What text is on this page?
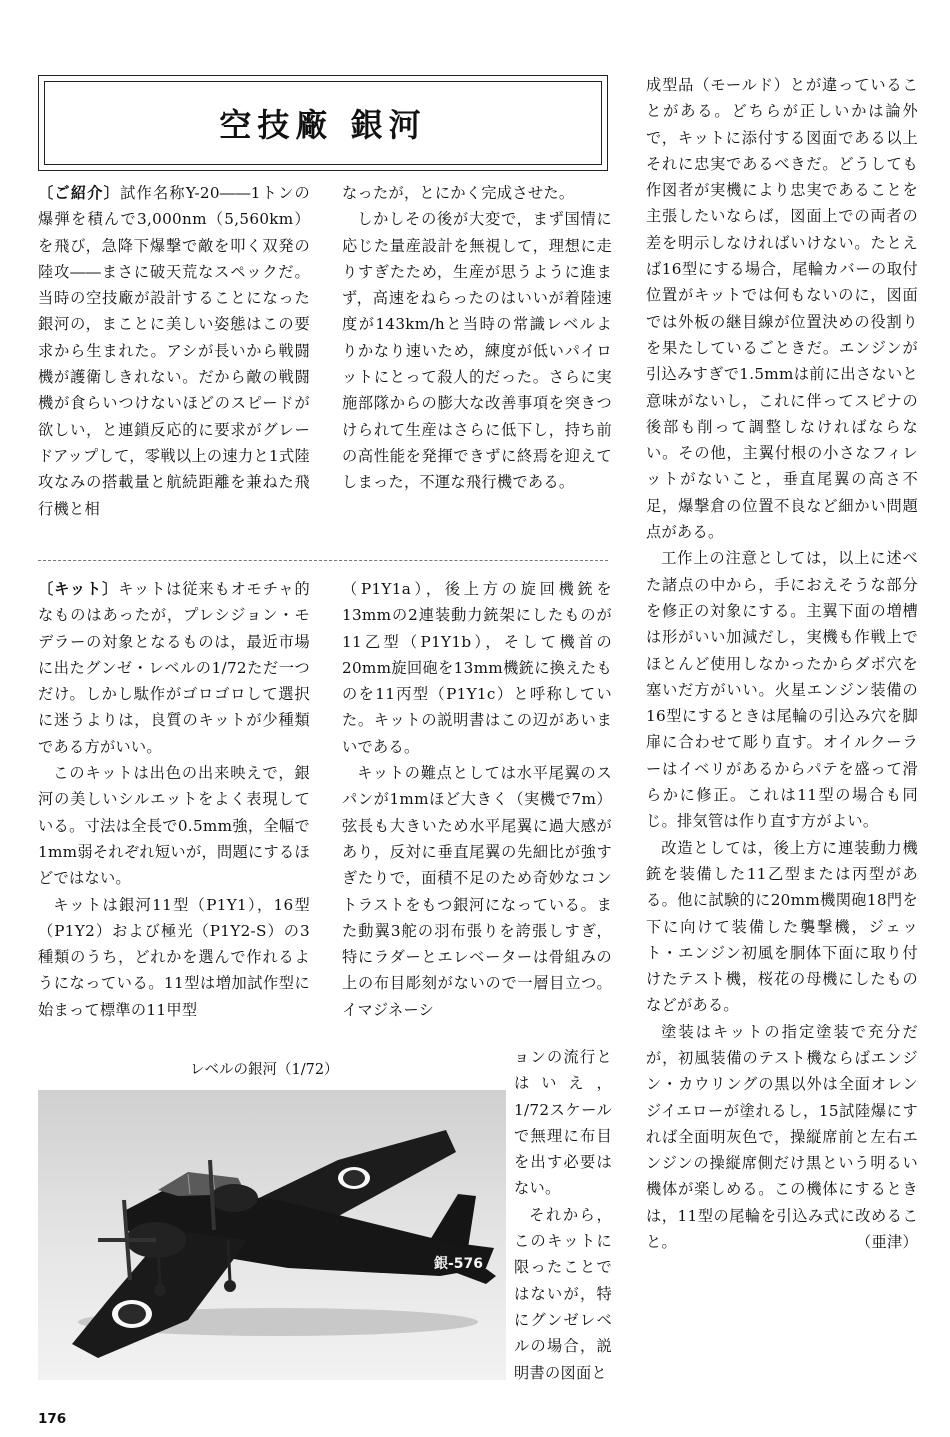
空技廠 銀河

〔ご紹介〕試作名称Y-20――1トンの爆弾を積んで3,000nm（5,560km）を飛び，急降下爆撃で敵を叩く双発の陸攻――まさに破天荒なスペックだ。当時の空技廠が設計することになった銀河の，まことに美しい姿態はこの要求から生まれた。アシが長いから戦闘機が護衛しきれない。だから敵の戦闘機が食らいつけないほどのスピードが欲しい，と連鎖反応的に要求がグレードアップして，零戦以上の速力と1式陸攻なみの搭載量と航続距離を兼ねた飛行機と相

なったが，とにかく完成させた。

しかしその後が大変で，まず国情に応じた量産設計を無視して，理想に走りすぎたため，生産が思うように進まず，高速をねらったのはいいが着陸速度が143km/hと当時の常識レベルよりかなり速いため，練度が低いパイロットにとって殺人的だった。さらに実施部隊からの膨大な改善事項を突きつけられて生産はさらに低下し，持ち前の高性能を発揮できずに終焉を迎えてしまった，不運な飛行機である。

〔キット〕キットは従来もオモチャ的なものはあったが，プレシジョン・モデラーの対象となるものは，最近市場に出たグンゼ・レベルの1/72ただ一つだけ。しかし駄作がゴロゴロして選択に迷うよりは，良質のキットが少種類である方がいい。

このキットは出色の出来映えで，銀河の美しいシルエットをよく表現している。寸法は全長で0.5mm強，全幅で1mm弱それぞれ短いが，問題にするほどではない。

キットは銀河11型（P1Y1），16型（P1Y2）および極光（P1Y2-S）の3種類のうち，どれかを選んで作れるようになっている。11型は増加試作型に始まって標準の11甲型

（P1Y1a），後上方の旋回機銃を13mmの2連装動力銃架にしたものが11乙型（P1Y1b），そして機首の20mm旋回砲を13mm機銃に換えたものを11丙型（P1Y1c）と呼称していた。キットの説明書はこの辺があいまいである。

キットの難点としては水平尾翼のスパンが1mmほど大きく（実機で7m）弦長も大きいため水平尾翼に過大感があり，反対に垂直尾翼の先細比が強すぎたりで，面積不足のため奇妙なコントラストをもつ銀河になっている。また動翼3舵の羽布張りを誇張しすぎ，特にラダーとエレベーターは骨組みの上の布目彫刻がないので一層目立つ。イマジネーシ

ョンの流行とはいえ，1/72スケールで無理に布目を出す必要はない。

それから，このキットに限ったことではないが，特にグンゼレベルの場合，説明書の図面と

レベルの銀河（1/72）
銀-576

成型品（モールド）とが違っていることがある。どちらが正しいかは論外で，キットに添付する図面である以上それに忠実であるべきだ。どうしても作図者が実機により忠実であることを主張したいならば，図面上での両者の差を明示しなければいけない。たとえば16型にする場合，尾輪カバーの取付位置がキットでは何もないのに，図面では外板の継目線が位置決めの役割りを果たしているごときだ。エンジンが引込みすぎで1.5mmは前に出さないと意味がないし，これに伴ってスピナの後部も削って調整しなければならない。その他，主翼付根の小さなフィレットがないこと，垂直尾翼の高さ不足，爆撃倉の位置不良など細かい問題点がある。

工作上の注意としては，以上に述べた諸点の中から，手におえそうな部分を修正の対象にする。主翼下面の増槽は形がいい加減だし，実機も作戦上でほとんど使用しなかったからダボ穴を塞いだ方がいい。火星エンジン装備の16型にするときは尾輪の引込み穴を脚扉に合わせて彫り直す。オイルクーラーはイベリがあるからパテを盛って滑らかに修正。これは11型の場合も同じ。排気管は作り直す方がよい。

改造としては，後上方に連装動力機銃を装備した11乙型または丙型がある。他に試験的に20mm機関砲18門を下に向けて装備した襲撃機，ジェット・エンジン初風を胴体下面に取り付けたテスト機，桜花の母機にしたものなどがある。

塗装はキットの指定塗装で充分だが，初風装備のテスト機ならばエンジン・カウリングの黒以外は全面オレンジイエローが塗れるし，15試陸爆にすれば全面明灰色で，操縦席前と左右エンジンの操縦席側だけ黒という明るい機体が楽しめる。この機体にするときは，11型の尾輪を引込み式に改めること。	（亜津）

176
